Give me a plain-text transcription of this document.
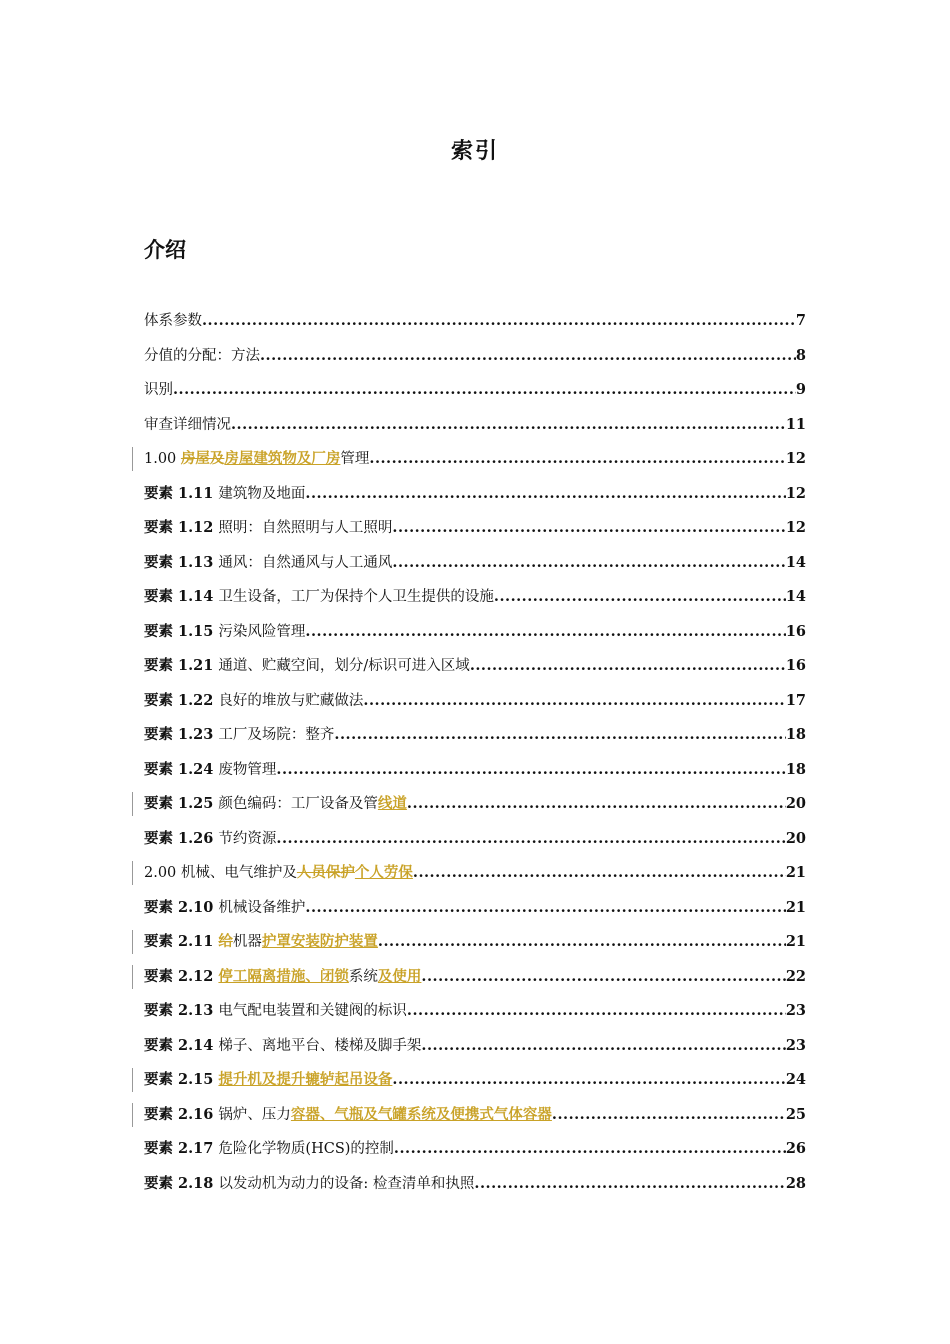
索引
介绍
体系参数 .....	7
分值的分配：方法 .....	8
识别 .....	9
审查详细情况 .....	11
1.00 房屋及房屋建筑物及厂房管理 .....	12
要素 1.11 建筑物及地面 .....	12
要素 1.12 照明：自然照明与人工照明 .....	12
要素 1.13 通风：自然通风与人工通风 .....	14
要素 1.14 卫生设备，工厂为保持个人卫生提供的设施 .....	14
要素 1.15 污染风险管理 .....	16
要素 1.21 通道、贮藏空间，划分/标识可进入区域 .....	16
要素 1.22 良好的堆放与贮藏做法 .....	17
要素 1.23 工厂及场院：整齐 .....	18
要素 1.24 废物管理 .....	18
要素 1.25 颜色编码：工厂设备及管线道 .....	20
要素 1.26 节约资源 .....	20
2.00 机械、电气维护及人员保护个人劳保 .....	21
要素 2.10 机械设备维护 .....	21
要素 2.11 给机器护罩安装防护装置 .....	21
要素 2.12 停工隔离措施、闭锁系统及使用 .....	22
要素 2.13 电气配电装置和关键阀的标识 .....	23
要素 2.14 梯子、离地平台、楼梯及脚手架 .....	23
要素 2.15 提升机及提升辘轳起吊设备 .....	24
要素 2.16 锅炉、压力容器、气瓶及气罐系统及便携式气体容器 .....	25
要素 2.17 危险化学物质(HCS)的控制 .....	26
要素 2.18 以发动机为动力的设备: 检查清单和执照 .....	28
